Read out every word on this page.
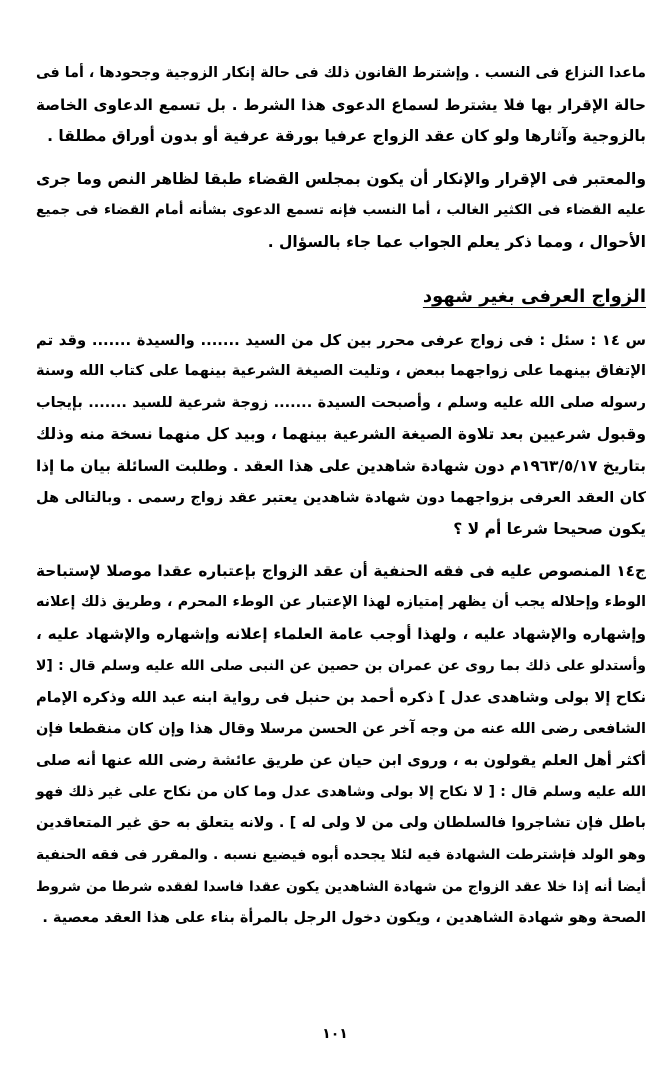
ماعدا النزاع فى النسب . وإشترط القانون ذلك فى حالة إنكار الزوجية وجحودها ، أما فى

حالة الإقرار بها فلا يشترط لسماع الدعوى هذا الشرط . بل تسمع الدعاوى الخاصة

بالزوجية وآثارها ولو كان عقد الزواج عرفيا بورقة عرفية أو بدون أوراق مطلقا .

والمعتبر فى الإقرار والإنكار أن يكون بمجلس القضاء طبقا لظاهر النص وما جرى

عليه القضاء فى الكثير الغالب ، أما النسب فإنه تسمع الدعوى بشأنه أمام القضاء فى جميع

الأحوال ، ومما ذكر يعلم الجواب عما جاء بالسؤال .

الزواج العرفى بغير شهود

س ١٤ : سئل : فى زواج عرفى محرر بين كل من السيد ....... والسيدة ....... وقد تم

الإتفاق بينهما على زواجهما ببعض ، وتليت الصيغة الشرعية بينهما على كتاب الله وسنة

رسوله صلى الله عليه وسلم ، وأصبحت السيدة ....... زوجة شرعية للسيد ....... بإيجاب

وقبول شرعيين بعد تلاوة الصيغة الشرعية بينهما ، وبيد كل منهما نسخة منه وذلك

بتاريخ ١٩٦٣/٥/١٧م دون شهادة شاهدين على هذا العقد . وطلبت السائلة بيان ما إذا

كان العقد العرفى بزواجهما دون شهادة شاهدين يعتبر عقد زواج رسمى . وبالتالى هل

يكون صحيحا شرعا أم لا ؟

ج١٤ المنصوص عليه فى فقه الحنفية أن عقد الزواج بإعتباره عقدا موصلا لإستباحة

الوطء وإحلاله يجب أن يظهر إمتيازه لهذا الإعتبار عن الوطء المحرم ، وطريق ذلك إعلانه

وإشهاره والإشهاد عليه ، ولهذا أوجب عامة العلماء إعلانه وإشهاره والإشهاد عليه ،

وأستدلو على ذلك بما روى عن عمران بن حصين عن النبى صلى الله عليه وسلم قال : [لا

نكاح إلا بولى وشاهدى عدل ] ذكره أحمد بن حنبل فى رواية ابنه عبد الله وذكره الإمام

الشافعى رضى الله عنه من وجه آخر عن الحسن مرسلا وقال هذا وإن كان منقطعا فإن

أكثر أهل العلم يقولون به ، وروى ابن حيان عن طريق عائشة رضى الله عنها أنه صلى

الله عليه وسلم قال : [ لا نكاح إلا بولى وشاهدى عدل وما كان من نكاح على غير ذلك فهو

باطل فإن تشاجروا فالسلطان ولى من لا ولى له ] . ولانه يتعلق به حق غير المتعاقدين

وهو الولد فإشترطت الشهادة فيه لئلا يجحده أبوه فيضيع نسبه . والمقرر فى فقه الحنفية

أيضا أنه إذا خلا عقد الزواج من شهادة الشاهدين يكون عقدا فاسدا لفقده شرطا من شروط

الصحة وهو شهادة الشاهدين ، ويكون دخول الرجل بالمرأة بناء على هذا العقد معصية .

١٠١
